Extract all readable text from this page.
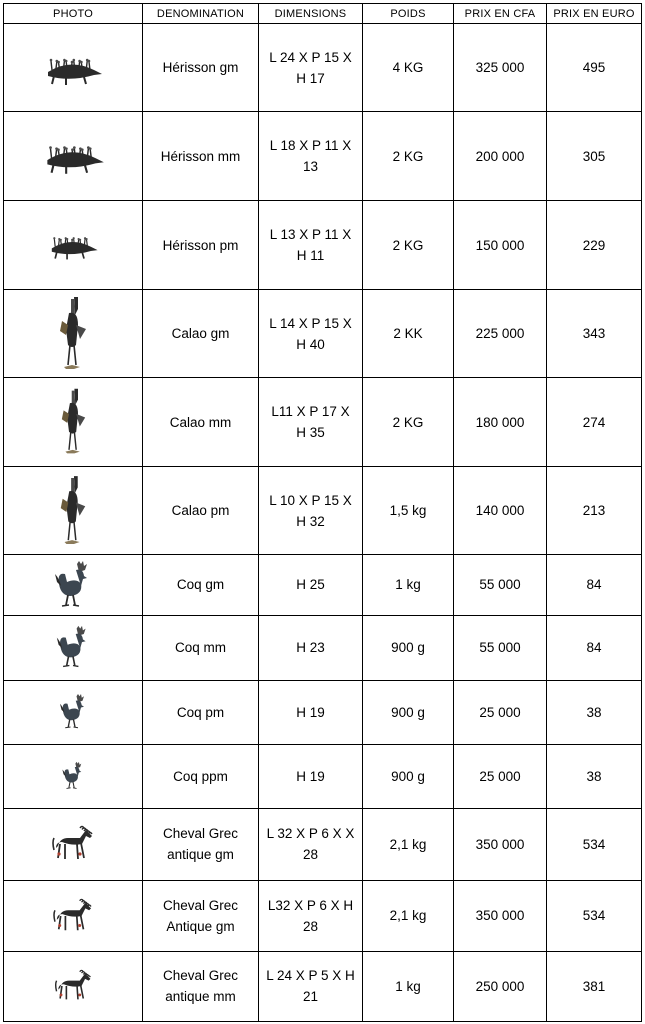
PHOTO	DENOMINATION	DIMENSIONS	POIDS	PRIX EN CFA	PRIX EN EURO

	Hérisson gm	L 24 X P 15 X H 17	4 KG	325 000	495

	Hérisson mm	L 18 X P 11 X 13	2 KG	200 000	305

	Hérisson pm	L 13 X P 11 X H 11	2 KG	150 000	229

	Calao gm	L 14 X P 15 X H 40	2 KK	225 000	343

	Calao mm	L11 X P 17 X H 35	2 KG	180 000	274

	Calao pm	L 10 X P 15 X H 32	1,5 kg	140 000	213

	Coq gm	H 25	1 kg	55 000	84

	Coq mm	H 23	900 g	55 000	84

	Coq pm	H 19	900 g	25 000	38

	Coq ppm	H 19	900 g	25 000	38

	Cheval Grec antique gm	L 32 X P 6 X X 28	2,1 kg	350 000	534

	Cheval Grec Antique gm	L32 X P 6 X H 28	2,1 kg	350 000	534

	Cheval Grec antique mm	L 24 X P 5 X H 21	1 kg	250 000	381
